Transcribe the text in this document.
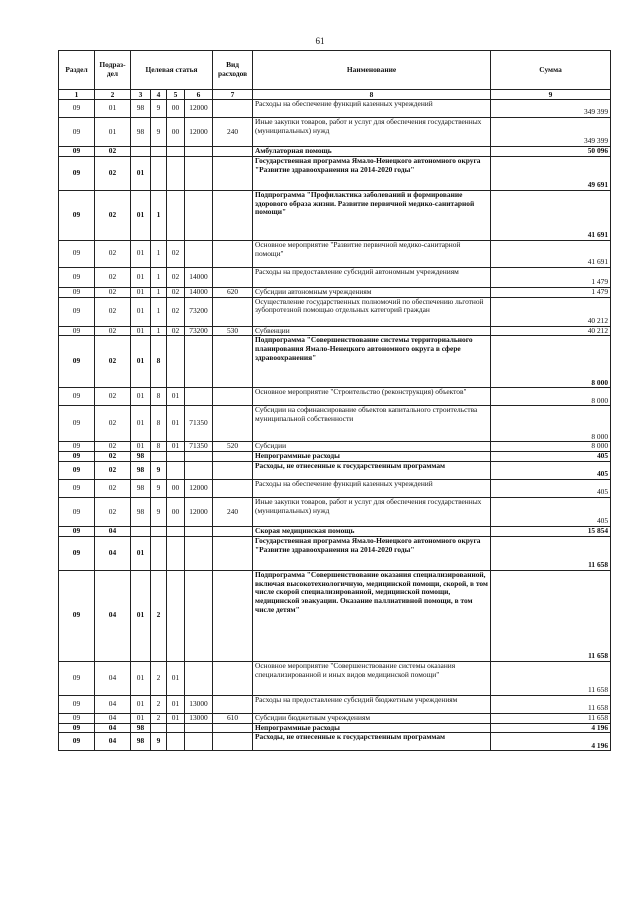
61
Раздел	Подраз-дел	Целевая статья				Вид расходов	Наименование	Сумма
1	2	3	4	5	6	7	8	9
09	01	98	9	00	12000		Расходы на обеспечение функций казенных учреждений	349 399
09	01	98	9	00	12000	240	Иные закупки товаров, работ и услуг для обеспечения государственных (муниципальных) нужд	349 399
09	02						Амбулаторная помощь	50 096
09	02	01					Государственная программа Ямало-Ненецкого автономного округа "Развитие здравоохранения на 2014-2020 годы"	49 691
09	02	01	1				Подпрограмма "Профилактика заболеваний и формирование здорового образа жизни. Развитие первичной медико-санитарной помощи"	41 691
09	02	01	1	02			Основное мероприятие "Развитие первичной медико-санитарной помощи"	41 691
09	02	01	1	02	14000		Расходы на предоставление субсидий автономным учреждениям	1 479
09	02	01	1	02	14000	620	Субсидии автономным учреждениям	1 479
09	02	01	1	02	73200		Осуществление государственных полномочий по обеспечению льготной зубопротезной помощью отдельных категорий граждан	40 212
09	02	01	1	02	73200	530	Субвенции	40 212
09	02	01	8				Подпрограмма "Совершенствование системы территориального планирования Ямало-Ненецкого автономного округа в сфере здравоохранения"	8 000
09	02	01	8	01			Основное мероприятие "Строительство (реконструкция) объектов"	8 000
09	02	01	8	01	71350		Субсидии на софинансирование объектов капитального строительства муниципальной собственности	8 000
09	02	01	8	01	71350	520	Субсидии	8 000
09	02	98					Непрограммные расходы	405
09	02	98	9				Расходы, не отнесенные к государственным программам	405
09	02	98	9	00	12000		Расходы на обеспечение функций казенных учреждений	405
09	02	98	9	00	12000	240	Иные закупки товаров, работ и услуг для обеспечения государственных (муниципальных) нужд	405
09	04						Скорая медицинская помощь	15 854
09	04	01					Государственная программа Ямало-Ненецкого автономного округа "Развитие здравоохранения на 2014-2020 годы"	11 658
09	04	01	2				Подпрограмма "Совершенствование оказания специализированной, включая высокотехнологичную, медицинской помощи, скорой, в том числе скорой специализированной, медицинской помощи, медицинской эвакуации. Оказание паллиативной помощи, в том числе детям"	11 658
09	04	01	2	01			Основное мероприятие "Совершенствование системы оказания специализированной и иных видов медицинской помощи"	11 658
09	04	01	2	01	13000		Расходы на предоставление субсидий бюджетным учреждениям	11 658
09	04	01	2	01	13000	610	Субсидии бюджетным учреждениям	11 658
09	04	98					Непрограммные расходы	4 196
09	04	98	9				Расходы, не отнесенные к государственным программам	4 196
